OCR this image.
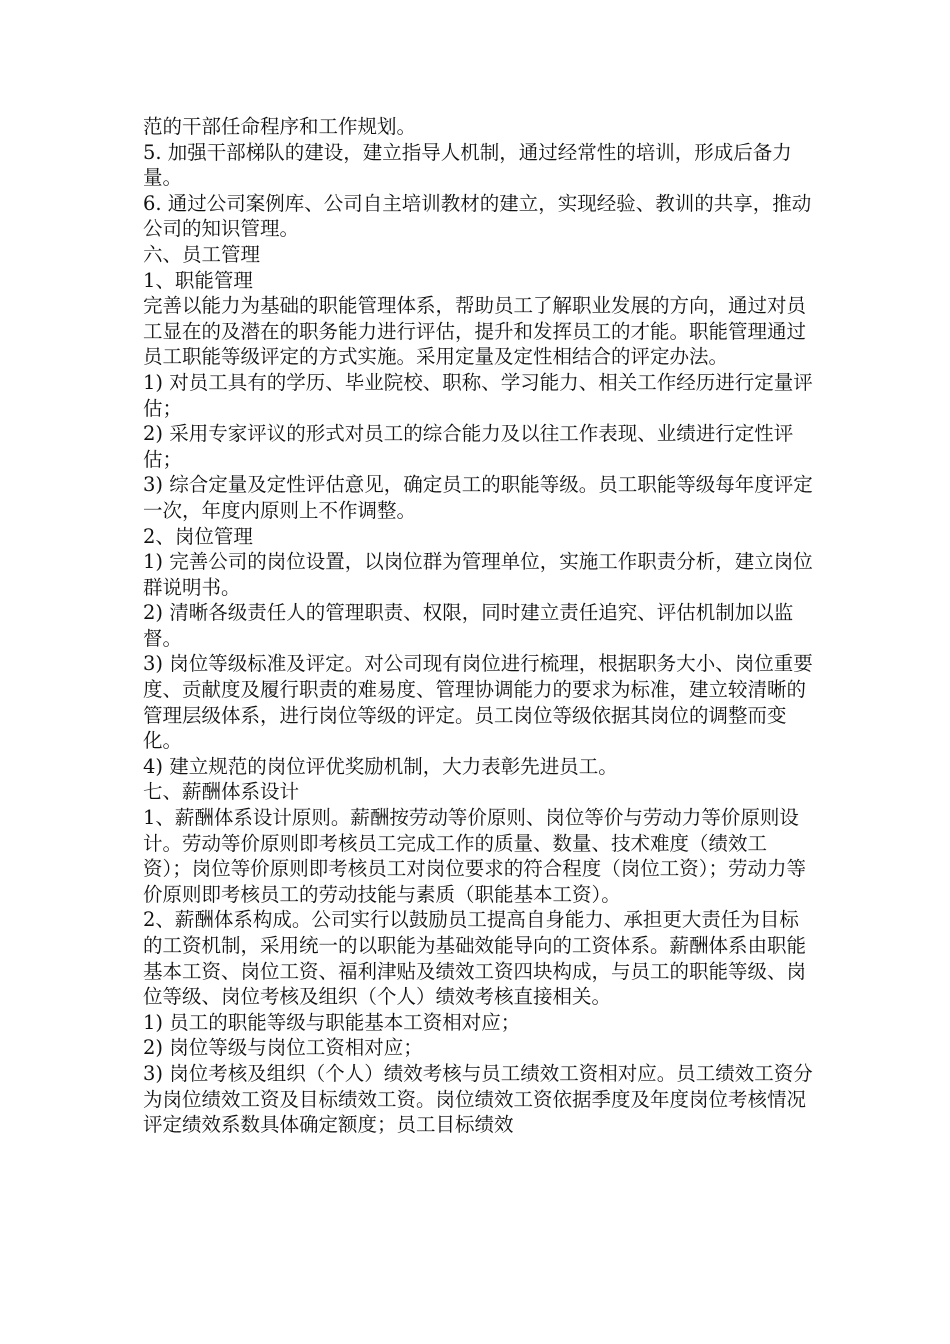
范的干部任命程序和工作规划。

5. 加强干部梯队的建设，建立指导人机制，通过经常性的培训，形成后备力量。

6. 通过公司案例库、公司自主培训教材的建立，实现经验、教训的共享，推动公司的知识管理。

六、员工管理

1、职能管理

完善以能力为基础的职能管理体系，帮助员工了解职业发展的方向，通过对员工显在的及潜在的职务能力进行评估，提升和发挥员工的才能。职能管理通过员工职能等级评定的方式实施。采用定量及定性相结合的评定办法。

1) 对员工具有的学历、毕业院校、职称、学习能力、相关工作经历进行定量评估；

2) 采用专家评议的形式对员工的综合能力及以往工作表现、业绩进行定性评估；

3) 综合定量及定性评估意见，确定员工的职能等级。员工职能等级每年度评定一次，年度内原则上不作调整。

2、岗位管理

1) 完善公司的岗位设置，以岗位群为管理单位，实施工作职责分析，建立岗位群说明书。

2) 清晰各级责任人的管理职责、权限，同时建立责任追究、评估机制加以监督。

3) 岗位等级标准及评定。对公司现有岗位进行梳理，根据职务大小、岗位重要度、贡献度及履行职责的难易度、管理协调能力的要求为标准，建立较清晰的管理层级体系，进行岗位等级的评定。员工岗位等级依据其岗位的调整而变化。

4) 建立规范的岗位评优奖励机制，大力表彰先进员工。

七、薪酬体系设计

1、薪酬体系设计原则。薪酬按劳动等价原则、岗位等价与劳动力等价原则设计。劳动等价原则即考核员工完成工作的质量、数量、技术难度（绩效工资）；岗位等价原则即考核员工对岗位要求的符合程度（岗位工资）；劳动力等价原则即考核员工的劳动技能与素质（职能基本工资）。

2、薪酬体系构成。公司实行以鼓励员工提高自身能力、承担更大责任为目标的工资机制，采用统一的以职能为基础效能导向的工资体系。薪酬体系由职能基本工资、岗位工资、福利津贴及绩效工资四块构成，与员工的职能等级、岗位等级、岗位考核及组织（个人）绩效考核直接相关。

1) 员工的职能等级与职能基本工资相对应；

2) 岗位等级与岗位工资相对应；

3) 岗位考核及组织（个人）绩效考核与员工绩效工资相对应。员工绩效工资分为岗位绩效工资及目标绩效工资。岗位绩效工资依据季度及年度岗位考核情况评定绩效系数具体确定额度；员工目标绩效
